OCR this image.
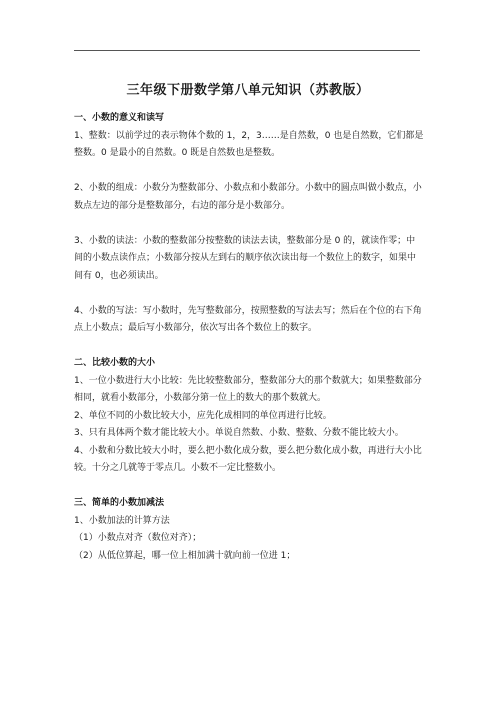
三年级下册数学第八单元知识（苏教版）
一、小数的意义和读写

1、整数：以前学过的表示物体个数的 1，2，3……是自然数，0 也是自然数，它们都是整数。0 是最小的自然数。0 既是自然数也是整数。

2、小数的组成：小数分为整数部分、小数点和小数部分。小数中的圆点叫做小数点，小数点左边的部分是整数部分，右边的部分是小数部分。

3、小数的读法：小数的整数部分按整数的读法去读，整数部分是 0 的，就读作零；中间的小数点读作点；小数部分按从左到右的顺序依次读出每一个数位上的数字，如果中间有 0，也必须读出。

4、小数的写法：写小数时，先写整数部分，按照整数的写法去写；然后在个位的右下角点上小数点；最后写小数部分，依次写出各个数位上的数字。

二、比较小数的大小

1、一位小数进行大小比较：先比较整数部分，整数部分大的那个数就大；如果整数部分相同，就看小数部分，小数部分第一位上的数大的那个数就大。

2、单位不同的小数比较大小，应先化成相同的单位再进行比较。

3、只有具体两个数才能比较大小。单说自然数、小数、整数、分数不能比较大小。

4、小数和分数比较大小时，要么把小数化成分数，要么把分数化成小数，再进行大小比较。十分之几就等于零点几。小数不一定比整数小。

三、简单的小数加减法

1、小数加法的计算方法

（1）小数点对齐（数位对齐）；

（2）从低位算起，哪一位上相加满十就向前一位进 1；
